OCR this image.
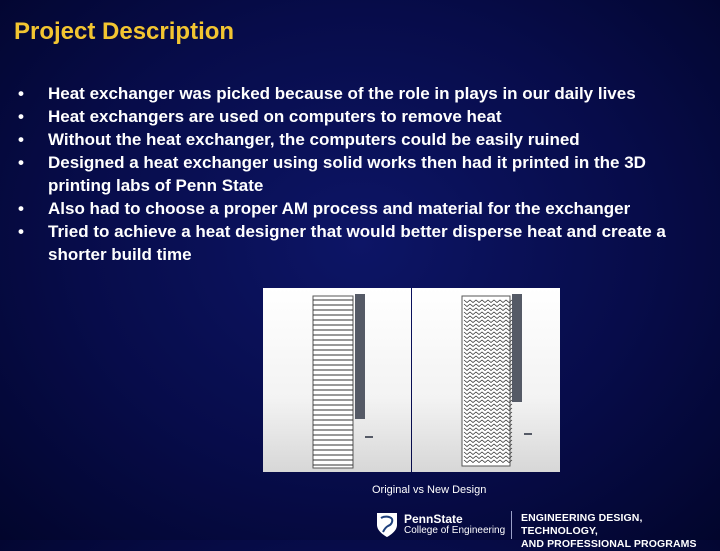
Project Description
•	Heat exchanger was picked because of the role in plays in our daily lives
•	Heat exchangers are used on computers to remove heat
•	Without the heat exchanger, the computers could be easily ruined
•	Designed a heat exchanger using solid works then had it printed in the 3D printing labs of Penn State
•	Also had to choose a proper AM process and material for the exchanger
•	Tried to achieve a heat designer that would better disperse heat and create a shorter build time
Original vs New Design
PennState
College of Engineering
ENGINEERING DESIGN, TECHNOLOGY,
AND PROFESSIONAL PROGRAMS
